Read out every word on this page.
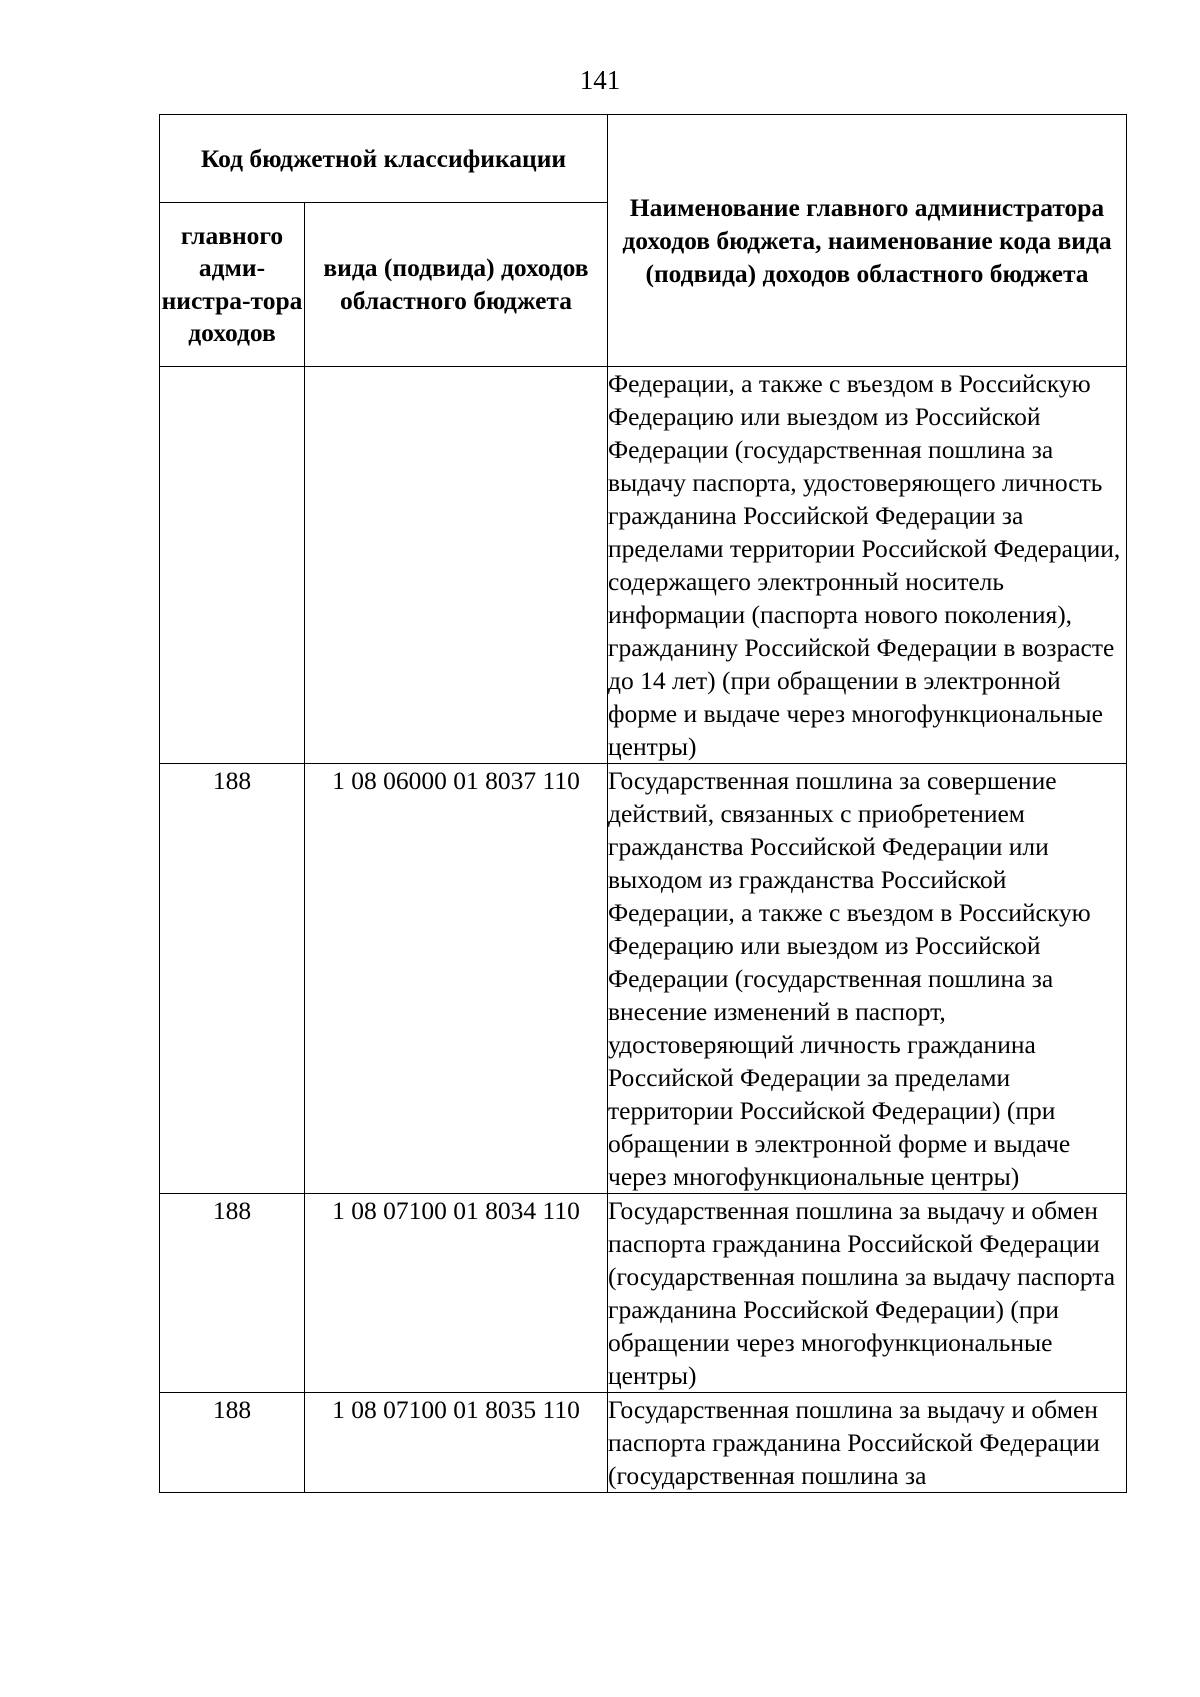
141
Код бюджетной классификации		Наименование главного администратора доходов бюджета, наименование кода вида (подвида) доходов областного бюджета
главного адми-нистра-тора доходов	вида (подвида) доходов областного бюджета	
		Федерации, а также с въездом в Российскую Федерацию или выездом из Российской Федерации (государственная пошлина за выдачу паспорта, удостоверяющего личность гражданина Российской Федерации за пределами территории Российской Федерации, содержащего электронный носитель информации (паспорта нового поколения), гражданину Российской Федерации в возрасте до 14 лет) (при обращении в электронной форме и выдаче через многофункциональные центры)
188	1 08 06000 01 8037 110	Государственная пошлина за совершение действий, связанных с приобретением гражданства Российской Федерации или выходом из гражданства Российской Федерации, а также с въездом в Российскую Федерацию или выездом из Российской Федерации (государственная пошлина за внесение изменений в паспорт, удостоверяющий личность гражданина Российской Федерации за пределами территории Российской Федерации) (при обращении в электронной форме и выдаче через многофункциональные центры)
188	1 08 07100 01 8034 110	Государственная пошлина за выдачу и обмен паспорта гражданина Российской Федерации (государственная пошлина за выдачу паспорта гражданина Российской Федерации) (при обращении через многофункциональные центры)
188	1 08 07100 01 8035 110	Государственная пошлина за выдачу и обмен паспорта гражданина Российской Федерации (государственная пошлина за
